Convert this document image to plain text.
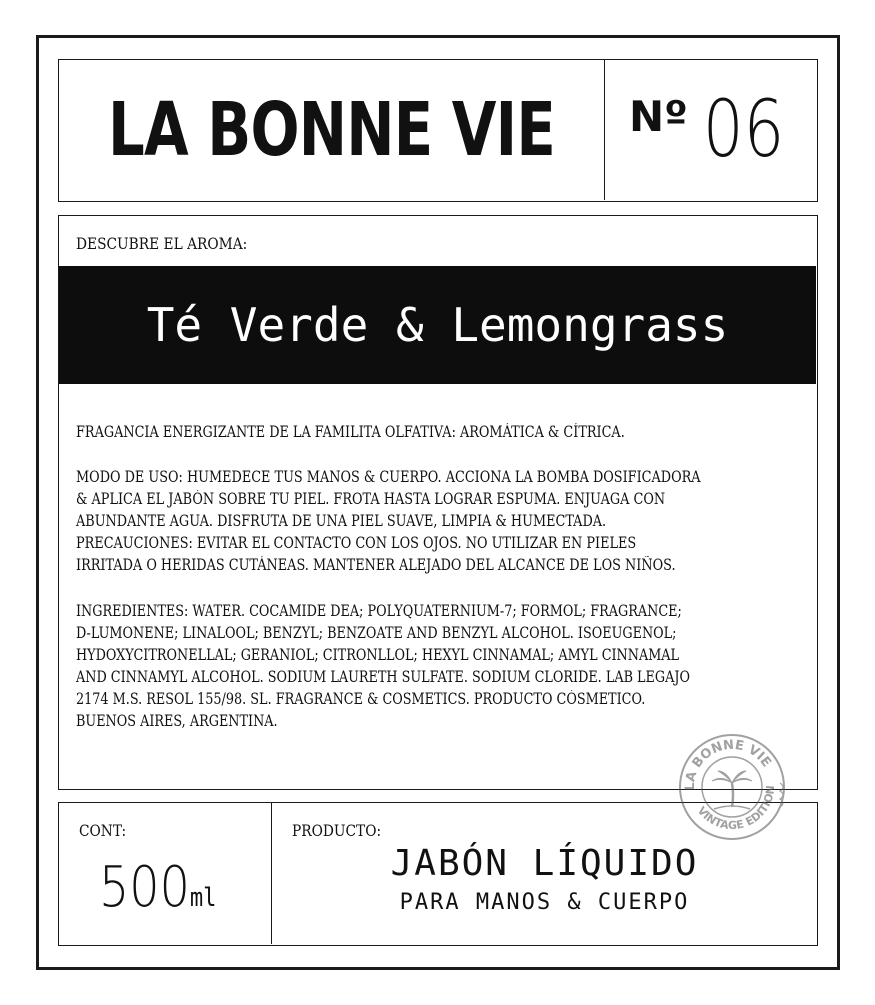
LA BONNE VIE Nº 06
DESCUBRE EL AROMA:
Té Verde & Lemongrass
FRAGANCIA ENERGIZANTE DE LA FAMILITA OLFATIVA: AROMÁTICA & CÍTRICA.
MODO DE USO: HUMEDECE TUS MANOS & CUERPO. ACCIONA LA BOMBA DOSIFICADORA
& APLICA EL JABÓN SOBRE TU PIEL. FROTA HASTA LOGRAR ESPUMA. ENJUAGA CON
ABUNDANTE AGUA. DISFRUTA DE UNA PIEL SUAVE, LIMPIA & HUMECTADA.
PRECAUCIONES: EVITAR EL CONTACTO CON LOS OJOS. NO UTILIZAR EN PIELES
IRRITADA O HERIDAS CUTÁNEAS. MANTENER ALEJADO DEL ALCANCE DE LOS NIÑOS.
INGREDIENTES: WATER. COCAMIDE DEA; POLYQUATERNIUM-7; FORMOL; FRAGRANCE;
D-LUMONENE; LINALOOL; BENZYL; BENZOATE AND BENZYL ALCOHOL. ISOEUGENOL;
HYDOXYCITRONELLAL; GERANIOL; CITRONLLOL; HEXYL CINNAMAL; AMYL CINNAMAL
AND CINNAMYL ALCOHOL. SODIUM LAURETH SULFATE. SODIUM CLORIDE. LAB LEGAJO
2174 M.S. RESOL 155/98. SL. FRAGRANCE & COSMETICS. PRODUCTO CÓSMETICO.
BUENOS AIRES, ARGENTINA.
CONT:
500ml
PRODUCTO:
JABÓN LÍQUIDO
PARA MANOS & CUERPO
LA BONNE VIE
VINTAGE EDITION
